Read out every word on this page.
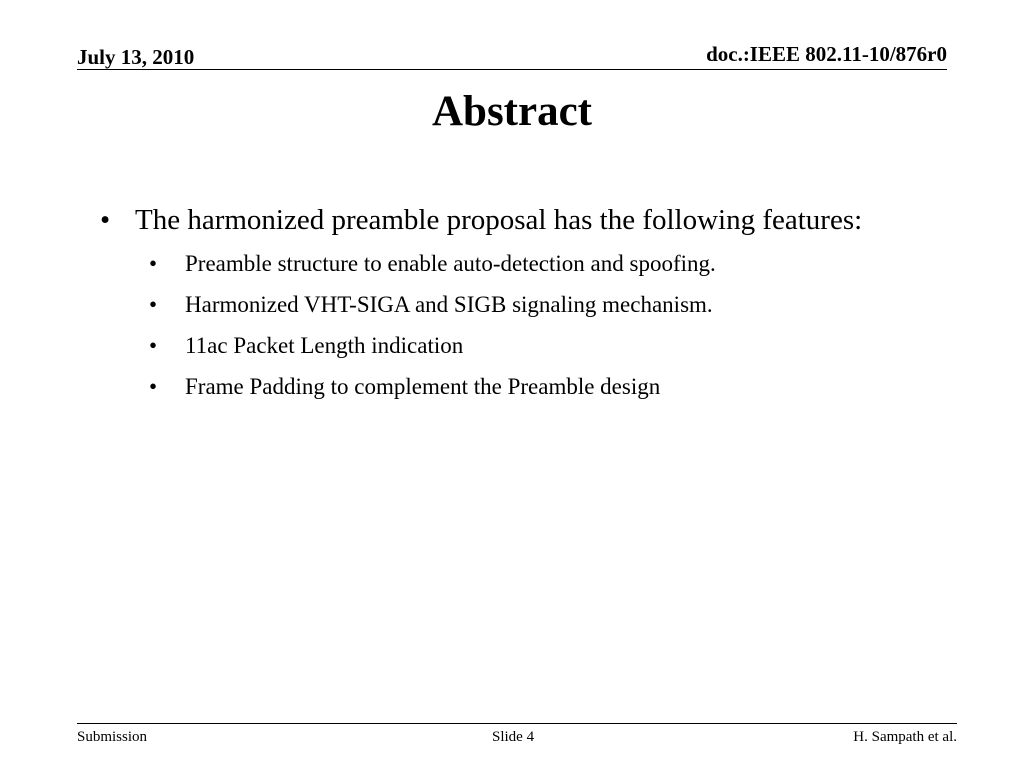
July 13, 2010	doc.:IEEE 802.11-10/876r0
Abstract
• The harmonized preamble proposal has the following features:
• Preamble structure to enable auto-detection and spoofing.
• Harmonized VHT-SIGA and SIGB signaling mechanism.
• 11ac Packet Length indication
• Frame Padding to complement the Preamble design
Submission	Slide 4	H. Sampath et al.
